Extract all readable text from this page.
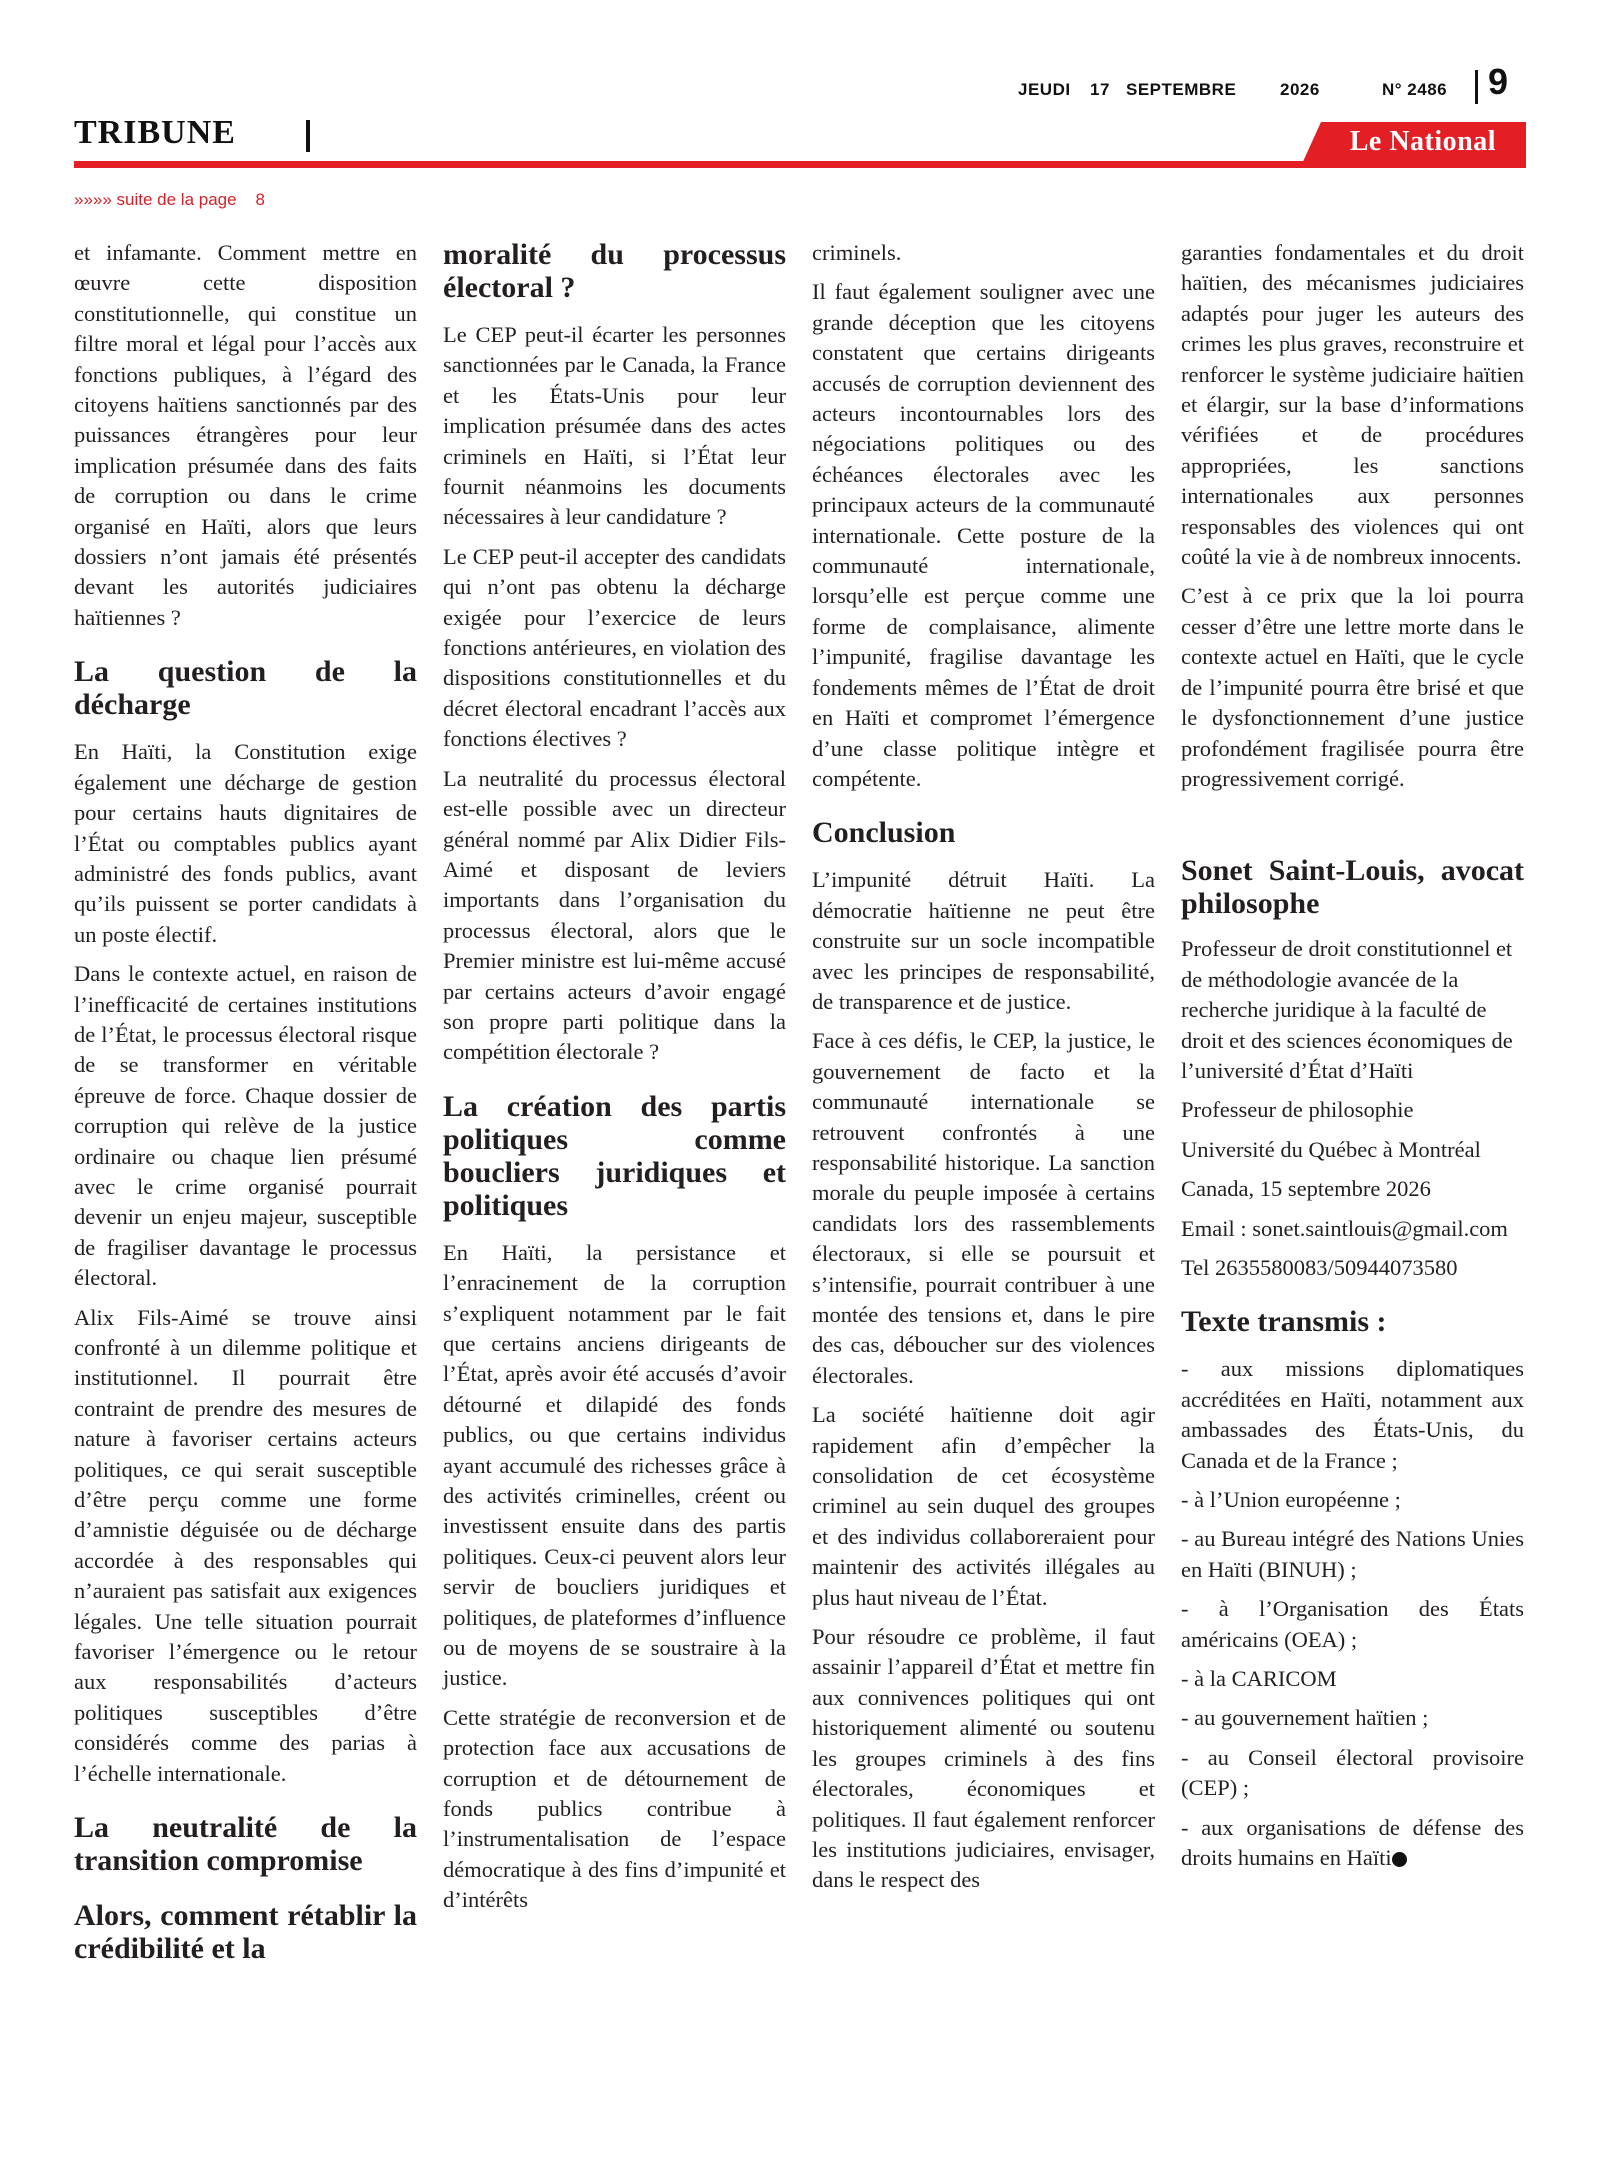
JEUDI 17 SEPTEMBRE	2026	N° 2486 9
TRIBUNE	Le National
»»»» suite de la page    8

et infamante. Comment mettre en œuvre cette disposition constitutionnelle, qui constitue un filtre moral et légal pour l’accès aux fonctions publiques, à l’égard des citoyens haïtiens sanctionnés par des puissances étrangères pour leur implication présumée dans des faits de corruption ou dans le crime organisé en Haïti, alors que leurs dossiers n’ont jamais été présentés devant les autorités judiciaires haïtiennes ?

La question de la décharge

En Haïti, la Constitution exige également une décharge de gestion pour certains hauts dignitaires de l’État ou comptables publics ayant administré des fonds publics, avant qu’ils puissent se porter candidats à un poste électif.

Dans le contexte actuel, en raison de l’inefficacité de certaines institutions de l’État, le processus électoral risque de se transformer en véritable épreuve de force. Chaque dossier de corruption qui relève de la justice ordinaire ou chaque lien présumé avec le crime organisé pourrait devenir un enjeu majeur, susceptible de fragiliser davantage le processus électoral.

Alix Fils-Aimé se trouve ainsi confronté à un dilemme politique et institutionnel. Il pourrait être contraint de prendre des mesures de nature à favoriser certains acteurs politiques, ce qui serait susceptible d’être perçu comme une forme d’amnistie déguisée ou de décharge accordée à des responsables qui n’auraient pas satisfait aux exigences légales. Une telle situation pourrait favoriser l’émergence ou le retour aux responsabilités d’acteurs politiques susceptibles d’être considérés comme des parias à l’échelle internationale.

La neutralité de la transition compromise
Alors, comment rétablir la crédibilité et la
moralité du processus électoral ?

Le CEP peut-il écarter les personnes sanctionnées par le Canada, la France et les États-Unis pour leur implication présumée dans des actes criminels en Haïti, si l’État leur fournit néanmoins les documents nécessaires à leur candidature ?

Le CEP peut-il accepter des candidats qui n’ont pas obtenu la décharge exigée pour l’exercice de leurs fonctions antérieures, en violation des dispositions constitutionnelles et du décret électoral encadrant l’accès aux fonctions électives ?

La neutralité du processus électoral est-elle possible avec un directeur général nommé par Alix Didier Fils-Aimé et disposant de leviers importants dans l’organisation du processus électoral, alors que le Premier ministre est lui-même accusé par certains acteurs d’avoir engagé son propre parti politique dans la compétition électorale ?

La création des partis politiques comme boucliers juridiques et politiques

En Haïti, la persistance et l’enracinement de la corruption s’expliquent notamment par le fait que certains anciens dirigeants de l’État, après avoir été accusés d’avoir détourné et dilapidé des fonds publics, ou que certains individus ayant accumulé des richesses grâce à des activités criminelles, créent ou investissent ensuite dans des partis politiques. Ceux-ci peuvent alors leur servir de boucliers juridiques et politiques, de plateformes d’influence ou de moyens de se soustraire à la justice.

Cette stratégie de reconversion et de protection face aux accusations de corruption et de détournement de fonds publics contribue à l’instrumentalisation de l’espace démocratique à des fins d’impunité et d’intérêts

criminels.

Il faut également souligner avec une grande déception que les citoyens constatent que certains dirigeants accusés de corruption deviennent des acteurs incontournables lors des négociations politiques ou des échéances électorales avec les principaux acteurs de la communauté internationale. Cette posture de la communauté internationale, lorsqu’elle est perçue comme une forme de complaisance, alimente l’impunité, fragilise davantage les fondements mêmes de l’État de droit en Haïti et compromet l’émergence d’une classe politique intègre et compétente.

Conclusion

L’impunité détruit Haïti. La démocratie haïtienne ne peut être construite sur un socle incompatible avec les principes de responsabilité, de transparence et de justice.

Face à ces défis, le CEP, la justice, le gouvernement de facto et la communauté internationale se retrouvent confrontés à une responsabilité historique. La sanction morale du peuple imposée à certains candidats lors des rassemblements électoraux, si elle se poursuit et s’intensifie, pourrait contribuer à une montée des tensions et, dans le pire des cas, déboucher sur des violences électorales.

La société haïtienne doit agir rapidement afin d’empêcher la consolidation de cet écosystème criminel au sein duquel des groupes et des individus collaboreraient pour maintenir des activités illégales au plus haut niveau de l’État.

Pour résoudre ce problème, il faut assainir l’appareil d’État et mettre fin aux connivences politiques qui ont historiquement alimenté ou soutenu les groupes criminels à des fins électorales, économiques et politiques. Il faut également renforcer les institutions judiciaires, envisager, dans le respect des

garanties fondamentales et du droit haïtien, des mécanismes judiciaires adaptés pour juger les auteurs des crimes les plus graves, reconstruire et renforcer le système judiciaire haïtien et élargir, sur la base d’informations vérifiées et de procédures appropriées, les sanctions internationales aux personnes responsables des violences qui ont coûté la vie à de nombreux innocents.

C’est à ce prix que la loi pourra cesser d’être une lettre morte dans le contexte actuel en Haïti, que le cycle de l’impunité pourra être brisé et que le dysfonctionnement d’une justice profondément fragilisée pourra être progressivement corrigé.

Sonet Saint-Louis, avocat philosophe

Professeur de droit constitutionnel et de méthodologie avancée de la recherche juridique à la faculté de droit et des sciences économiques de l’université d’État d’Haïti

Professeur de philosophie

Université du Québec à Montréal

Canada, 15 septembre 2026

Email : sonet.saintlouis@gmail.com

Tel 2635580083/50944073580

Texte transmis :

- aux missions diplomatiques accréditées en Haïti, notamment aux ambassades des États-Unis, du Canada et de la France ;

- à l’Union européenne ;

- au Bureau intégré des Nations Unies en Haïti (BINUH) ;

- à l’Organisation des États américains (OEA) ;

- à la CARICOM

- au gouvernement haïtien ;

- au Conseil électoral provisoire (CEP) ;

- aux organisations de défense des droits humains en Haïti
